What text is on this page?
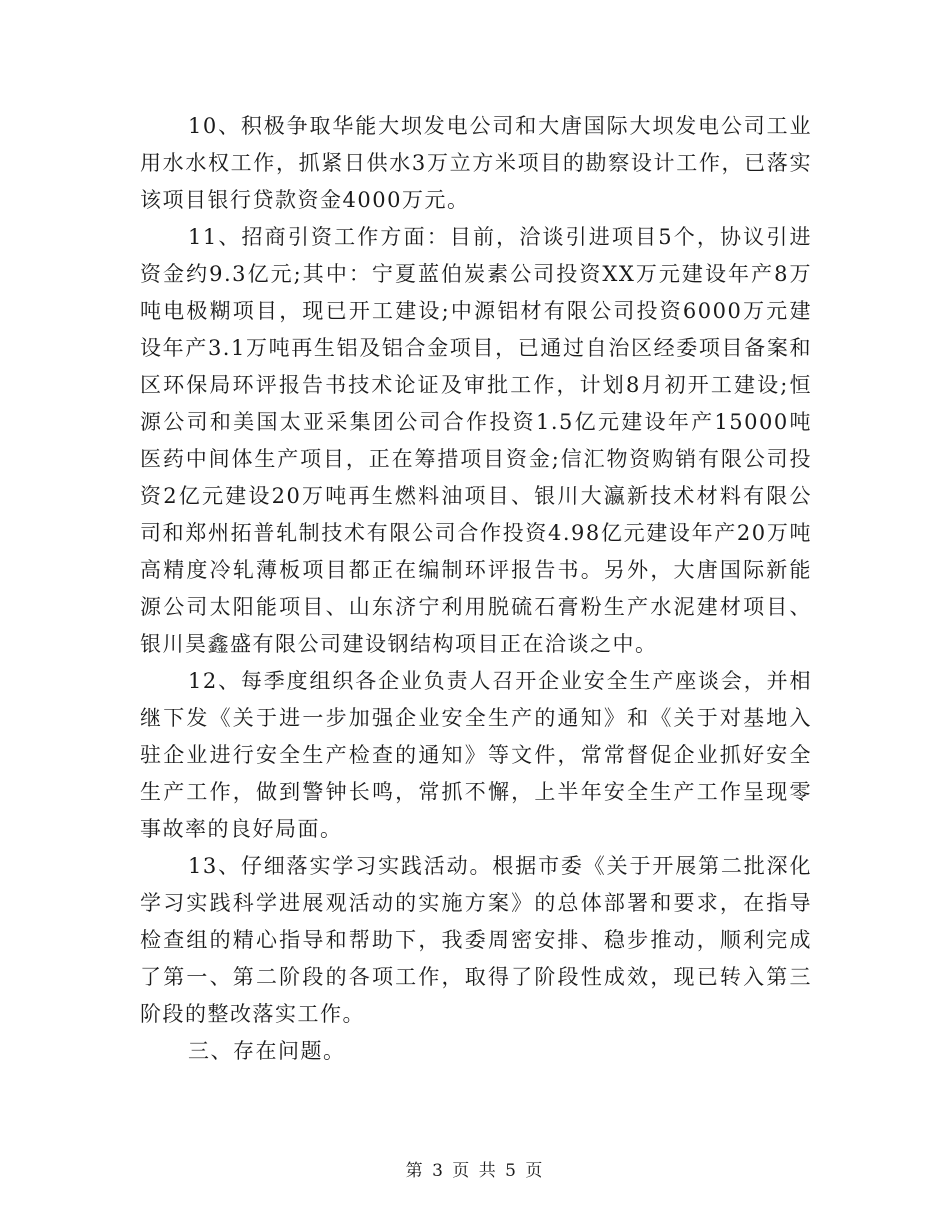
10、积极争取华能大坝发电公司和大唐国际大坝发电公司工业用水水权工作，抓紧日供水3万立方米项目的勘察设计工作，已落实该项目银行贷款资金4000万元。

11、招商引资工作方面：目前，洽谈引进项目5个，协议引进资金约9.3亿元;其中：宁夏蓝伯炭素公司投资XX万元建设年产8万吨电极糊项目，现已开工建设;中源铝材有限公司投资6000万元建设年产3.1万吨再生铝及铝合金项目，已通过自治区经委项目备案和区环保局环评报告书技术论证及审批工作，计划8月初开工建设;恒源公司和美国太亚采集团公司合作投资1.5亿元建设年产15000吨医药中间体生产项目，正在筹措项目资金;信汇物资购销有限公司投资2亿元建设20万吨再生燃料油项目、银川大瀛新技术材料有限公司和郑州拓普轧制技术有限公司合作投资4.98亿元建设年产20万吨高精度冷轧薄板项目都正在编制环评报告书。另外，大唐国际新能源公司太阳能项目、山东济宁利用脱硫石膏粉生产水泥建材项目、银川昊鑫盛有限公司建设钢结构项目正在洽谈之中。

12、每季度组织各企业负责人召开企业安全生产座谈会，并相继下发《关于进一步加强企业安全生产的通知》和《关于对基地入驻企业进行安全生产检查的通知》等文件，常常督促企业抓好安全生产工作，做到警钟长鸣，常抓不懈，上半年安全生产工作呈现零事故率的良好局面。

13、仔细落实学习实践活动。根据市委《关于开展第二批深化学习实践科学进展观活动的实施方案》的总体部署和要求，在指导检查组的精心指导和帮助下，我委周密安排、稳步推动，顺利完成了第一、第二阶段的各项工作，取得了阶段性成效，现已转入第三阶段的整改落实工作。

三、存在问题。

第 3 页 共 5 页
